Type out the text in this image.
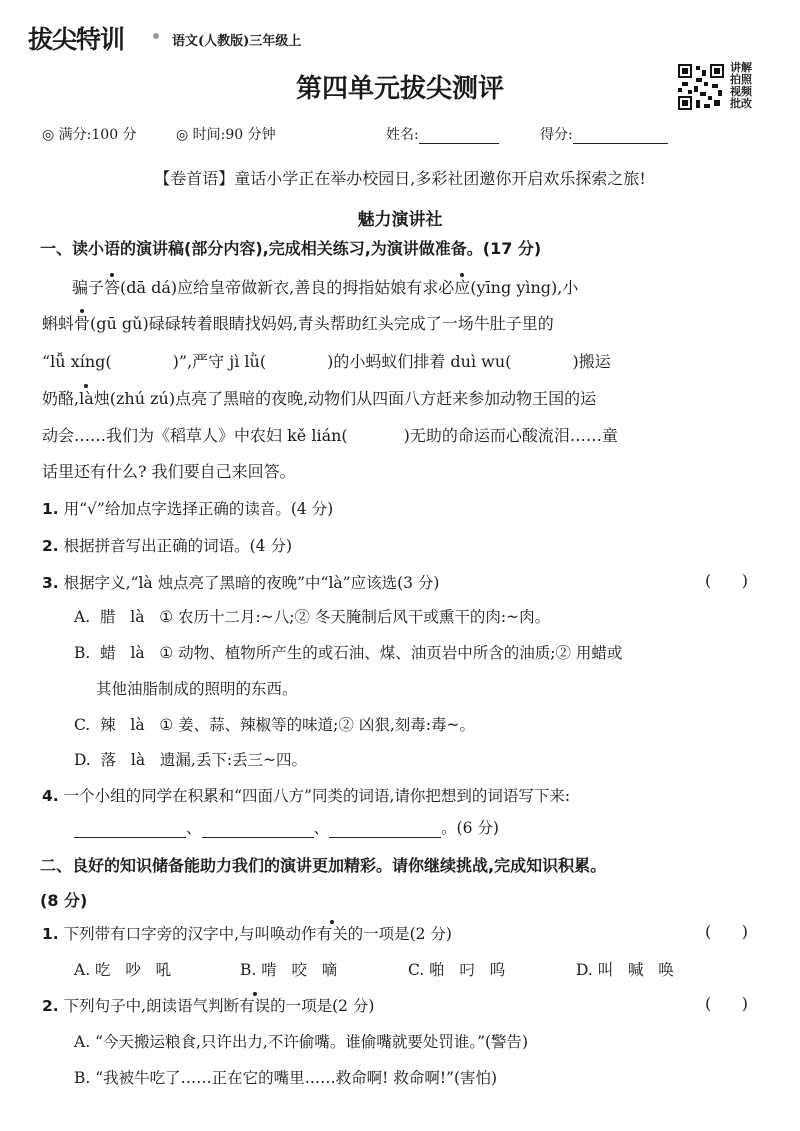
拔尖特训	语文(人教版)三年级上
第四单元拔尖测评
讲解拍照视频批改
◎ 满分:100 分	◎ 时间:90 分钟	姓名:	得分:
【卷首语】童话小学正在举办校园日,多彩社团邀你开启欢乐探索之旅!
魅力演讲社
一、读小语的演讲稿(部分内容),完成相关练习,为演讲做准备。(17 分)
骗子答(dā dá)应给皇帝做新衣,善良的拇指姑娘有求必应(yīng yìng),小
蝌蚪骨(gū gǔ)碌碌转着眼睛找妈妈,青头帮助红头完成了一场牛肚子里的
“lǚ xíng(            )”,严守 jì lǜ(            )的小蚂蚁们排着 duì wu(            )搬运
奶酪,là烛(zhú zú)点亮了黑暗的夜晚,动物们从四面八方赶来参加动物王国的运
动会……我们为《稻草人》中农妇 kě lián(           )无助的命运而心酸流泪……童
话里还有什么? 我们要自己来回答。
1. 用“√”给加点字选择正确的读音。(4 分)
2. 根据拼音写出正确的词语。(4 分)
3. 根据字义,“là 烛点亮了黑暗的夜晚”中“là”应该选(3 分)	(      )
A.  腊   là   ① 农历十二月:~八;② 冬天腌制后风干或熏干的肉:~肉。
B.  蜡   là   ① 动物、植物所产生的或石油、煤、油页岩中所含的油质;② 用蜡或
其他油脂制成的照明的东西。
C.  辣   là   ① 姜、蒜、辣椒等的味道;② 凶狠,刻毒:毒~。
D.  落   là   遗漏,丢下:丢三~四。
4. 一个小组的同学在积累和“四面八方”同类的词语,请你把想到的词语写下来:
、	、	。(6 分)
二、良好的知识储备能助力我们的演讲更加精彩。请你继续挑战,完成知识积累。
(8 分)
1. 下列带有口字旁的汉字中,与叫唤动作有关的一项是(2 分)	(      )
A. 吃   吵   吼	B. 啃   咬   嘀	C. 啪   叼   呜	D. 叫   喊   唤
2. 下列句子中,朗读语气判断有误的一项是(2 分)	(      )
A. “今天搬运粮食,只许出力,不许偷嘴。谁偷嘴就要处罚谁。”(警告)
B. “我被牛吃了……正在它的嘴里……救命啊! 救命啊!”(害怕)
